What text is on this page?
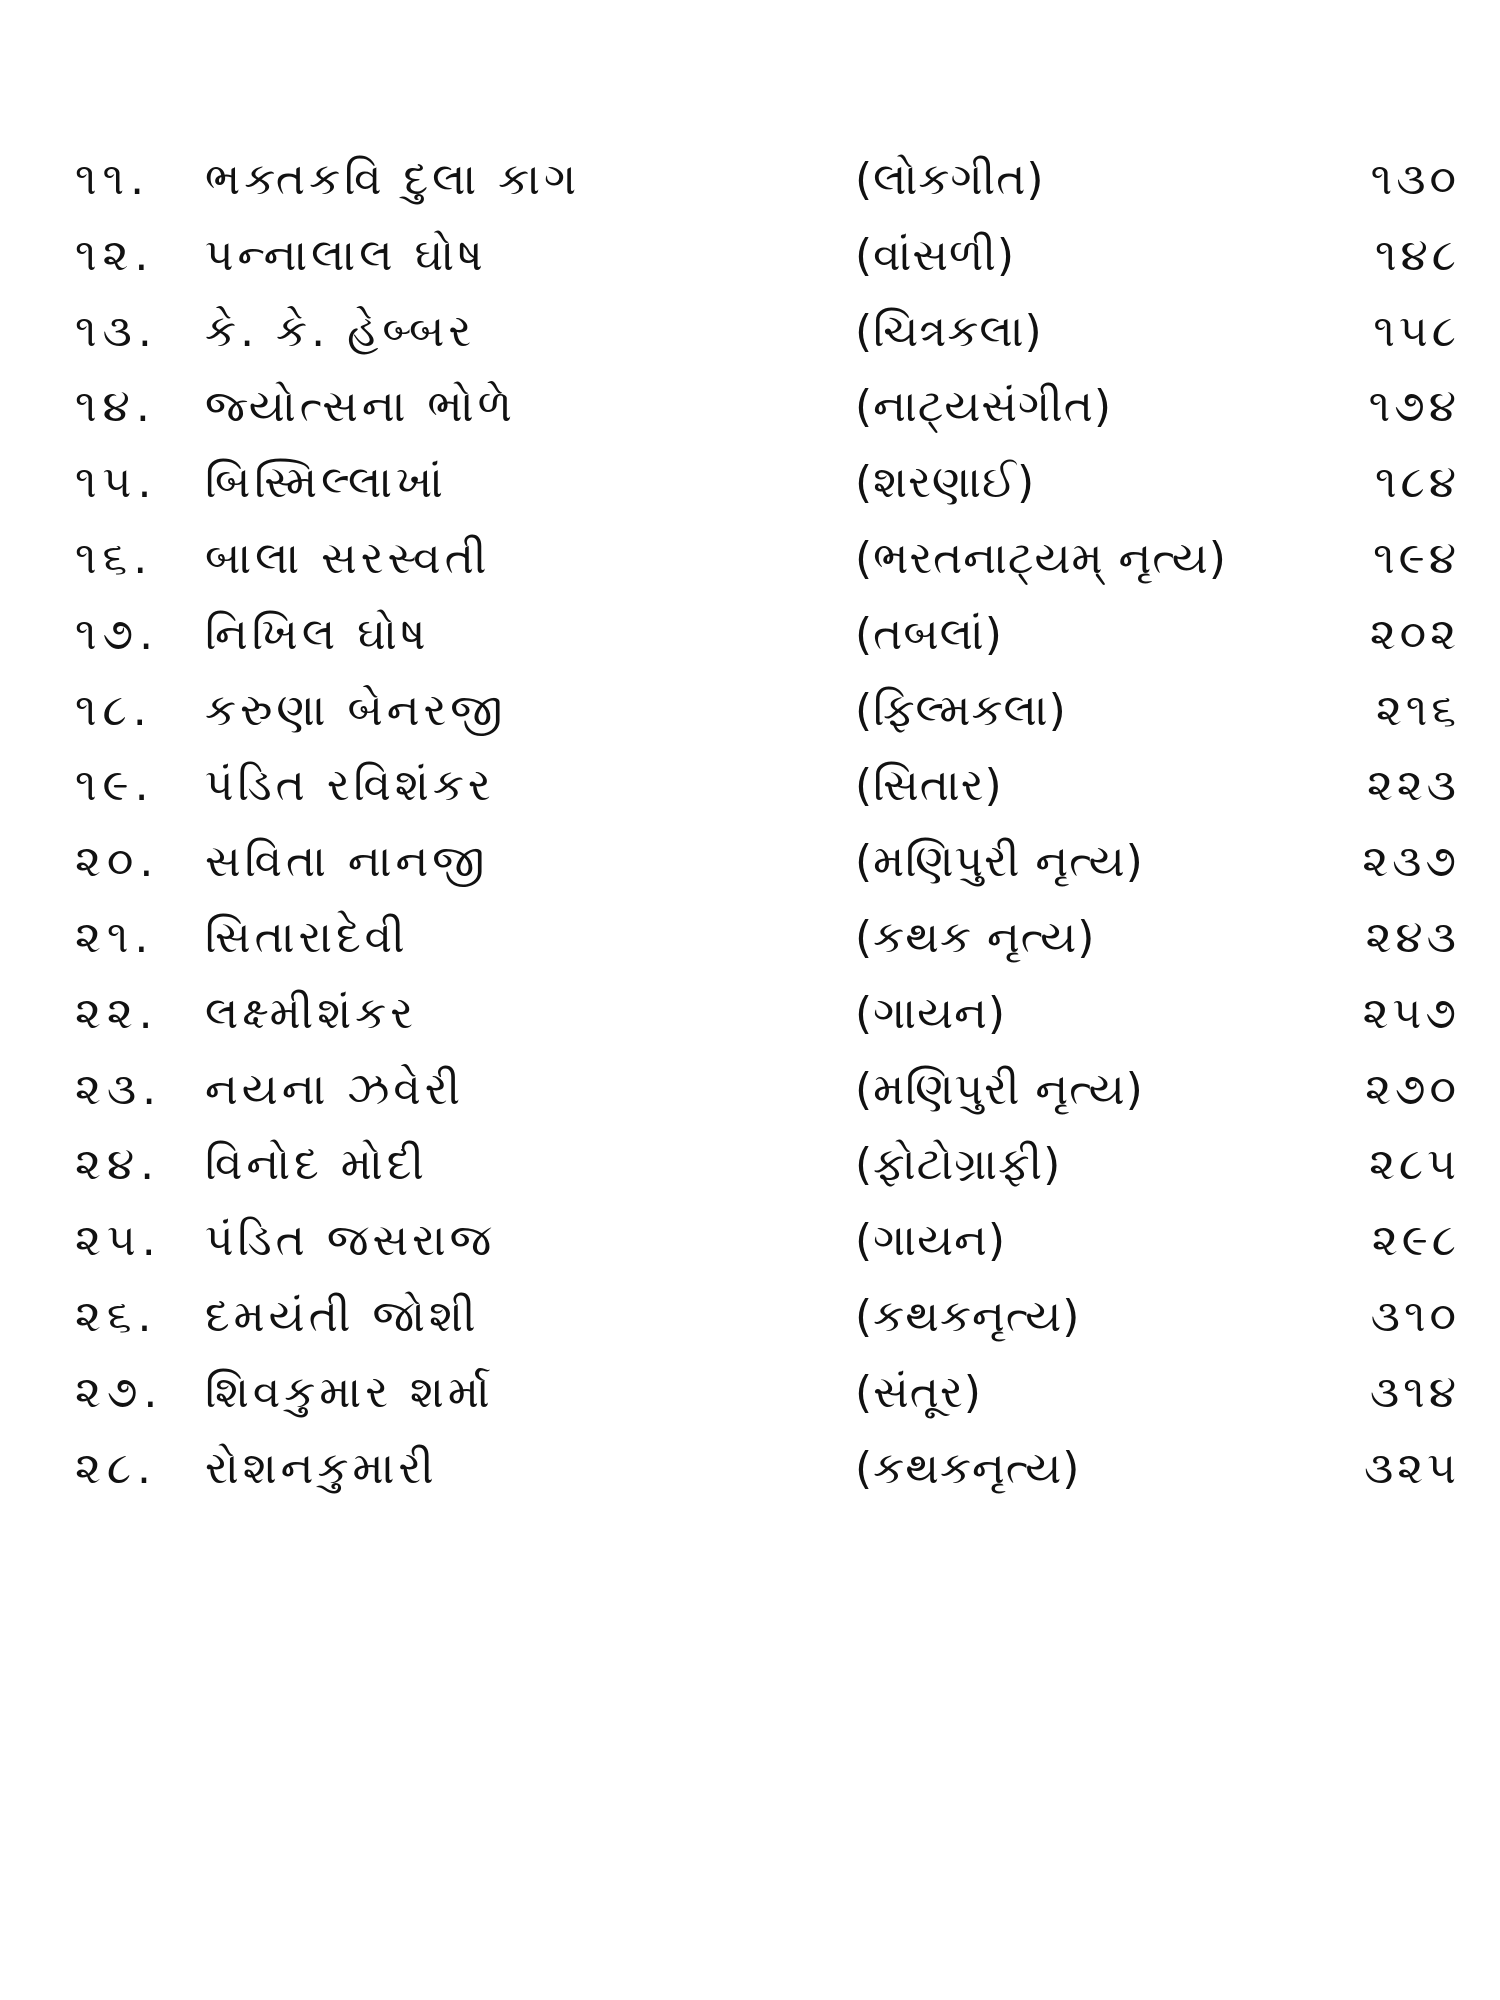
૧૧. ભક્તકવિ દુલા કાગ	(લોકગીત)	૧૩૦
૧૨. પન્નાલાલ ઘોષ	(વાંસળી)	૧૪૮
૧૩. કે. કે. હેબ્બર	(ચિત્રકલા)	૧૫૮
૧૪. જ્યોત્સના ભોળે	(નાટ્યસંગીત)	૧૭૪
૧૫. બિસ્મિલ્લાખાં	(શરણાઈ)	૧૮૪
૧૬. બાલા સરસ્વતી	(ભરતનાટ્યમ્ નૃત્ય)	૧૯૪
૧૭. નિખિલ ઘોષ	(તબલાં)	૨૦૨
૧૮. કરુણા બેનરજી	(ફિલ્મકલા)	૨૧૬
૧૯. પંડિત રવિશંકર	(સિતાર)	૨૨૩
૨૦. સવિતા નાનજી	(મણિપુરી નૃત્ય)	૨૩૭
૨૧. સિતારાદેવી	(કથક નૃત્ય)	૨૪૩
૨૨. લક્ષ્મીશંકર	(ગાયન)	૨૫૭
૨૩. નયના ઝવેરી	(મણિપુરી નૃત્ય)	૨૭૦
૨૪. વિનોદ મોદી	(ફોટોગ્રાફી)	૨૮૫
૨૫. પંડિત જસરાજ	(ગાયન)	૨૯૮
૨૬. દમયંતી જોશી	(કથકનૃત્ય)	૩૧૦
૨૭. શિવકુમાર શર્મા	(સંતૂર)	૩૧૪
૨૮. રોશનકુમારી	(કથકનૃત્ય)	૩૨૫
